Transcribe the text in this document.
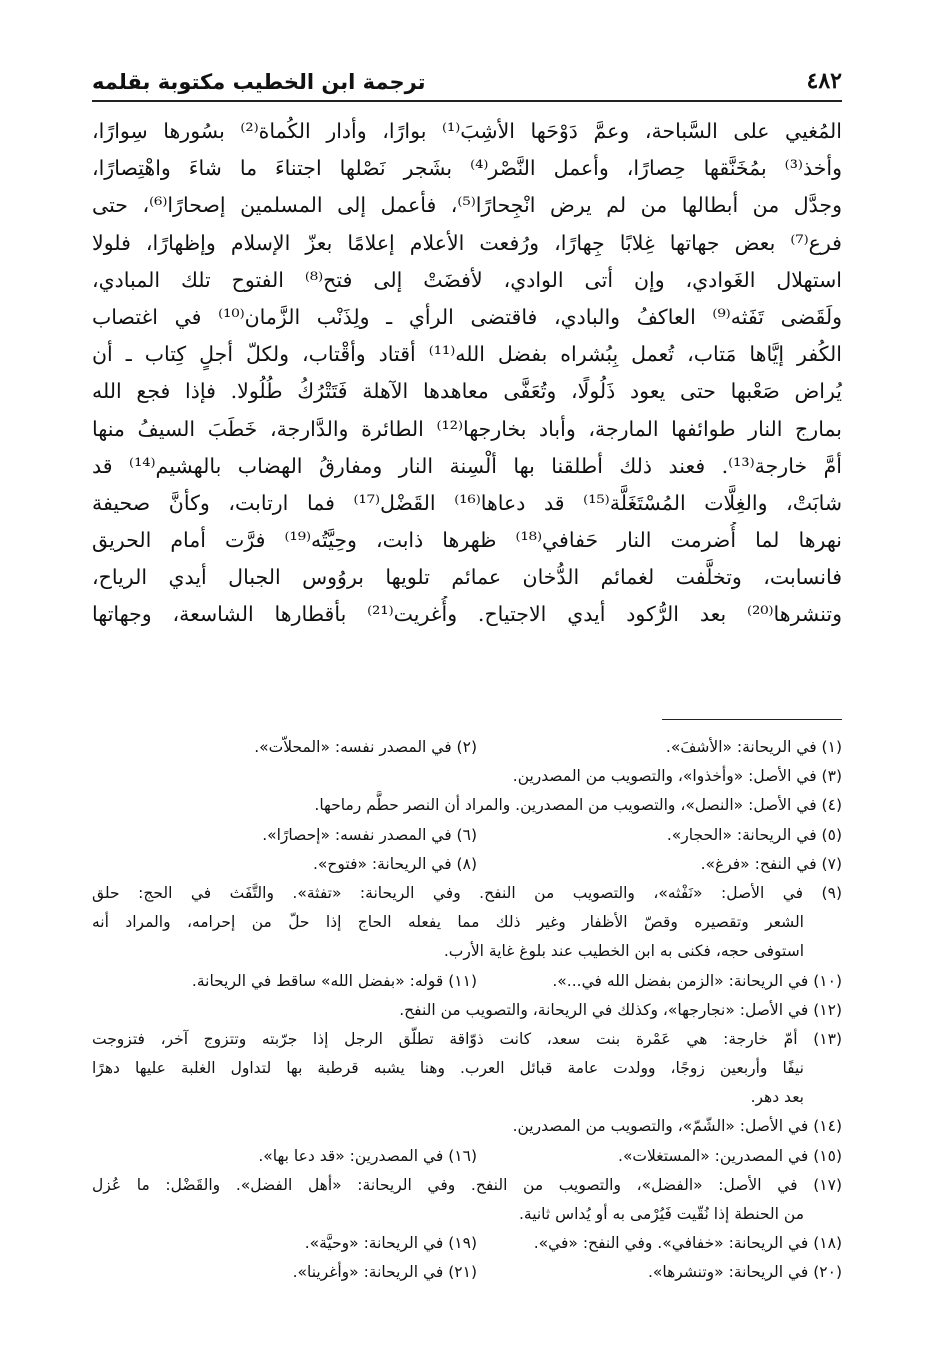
٤٨٢
ترجمة ابن الخطيب مكتوبة بقلمه
المُغيي على السَّباحة، وعمَّ دَوْحَها الأشِبَ⁽¹⁾ بوارًا، وأدار الكُماة⁽²⁾ بسُورها سِوارًا،
وأخذ⁽³⁾ بمُخَنَّقها حِصارًا، وأعمل النَّصْر⁽⁴⁾ بشَجر نَصْلها اجتناءَ ما شاءَ واهْتِصارًا،
وجدَّل من أبطالها من لم يرض انْجِحارًا⁽⁵⁾، فأعمل إلى المسلمين إصحارًا⁽⁶⁾، حتى
فرع⁽⁷⁾ بعض جهاتها غِلابًا جِهارًا، ورُفعت الأعلام إعلامًا بعزّ الإسلام وإظهارًا، فلولا
استهلال الغَوادي، وإن أتى الوادي، لأفضَتْ إلى فتح⁽⁸⁾ الفتوح تلك المبادي،
ولَقَضى تَفَثه⁽⁹⁾ العاكفُ والبادي، فاقتضى الرأي ـ ولِذَنْب الزَّمان⁽¹⁰⁾ في اغتصاب
الكُفر إيَّاها مَتاب، تُعمل بِبُشراه بفضل الله⁽¹¹⁾ أقتاد وأقْتاب، ولكلّ أجلٍ كِتاب ـ أن
يُراض صَعْبها حتى يعود ذَلُولًا، وتُعَفَّى معاهدها الآهلة فَتَتْرُكُ طُلُولا. فإذا فجع الله
بمارج النار طوائفها المارجة، وأباد بخارجها⁽¹²⁾ الطائرة والدَّارجة، خَطَبَ السيفُ منها
أمَّ خارجة⁽¹³⁾. فعند ذلك أطلقنا بها ألْسِنة النار ومفارقُ الهضاب بالهشيم⁽¹⁴⁾ قد
شابَتْ، والغِلَّات المُسْتَغَلَّة⁽¹⁵⁾ قد دعاها⁽¹⁶⁾ القَضْل⁽¹⁷⁾ فما ارتابت، وكأنَّ صحيفة
نهرها لما أُضرمت النار حَفافي⁽¹⁸⁾ ظهرها ذابت، وحِيَّتُه⁽¹⁹⁾ فرَّت أمام الحريق
فانسابت، وتخلَّفت لغمائم الدُّخان عمائم تلويها بروُوس الجبال أيدي الرياح،
وتنشرها⁽²⁰⁾ بعد الرُّكود أيدي الاجتياح. وأُغريت⁽²¹⁾ بأقطارها الشاسعة، وجهاتها
(١) في الريحانة: «الأشفَ».
(٢) في المصدر نفسه: «المحلاّت».
(٣) في الأصل: «وأخذوا»، والتصويب من المصدرين.
(٤) في الأصل: «النصل»، والتصويب من المصدرين. والمراد أن النصر حطَّم رماحها.
(٥) في الريحانة: «الحجار».
(٦) في المصدر نفسه: «إحصارًا».
(٧) في النفح: «فرغ».
(٨) في الريحانة: «فتوح».
(٩) في الأصل: «نَفْثه»، والتصويب من النفح. وفي الريحانة: «تفثة». والتَّفَث في الحج: حلق
الشعر وتقصيره وقصّ الأظفار وغير ذلك مما يفعله الحاج إذا حلّ من إحرامه، والمراد أنه
استوفى حجه، فكنى به ابن الخطيب عند بلوغ غاية الأرب.
(١٠) في الريحانة: «الزمن بفضل الله في...».
(١١) قوله: «بفضل الله» ساقط في الريحانة.
(١٢) في الأصل: «نجارجها»، وكذلك في الريحانة، والتصويب من النفح.
(١٣) أمّ خارجة: هي عَمْرة بنت سعد، كانت ذوّاقة تطلّق الرجل إذا جرّبته وتتزوج آخر، فتزوجت
نيفًا وأربعين زوجًا، وولدت عامة قبائل العرب. وهنا يشبه قرطبة بها لتداول الغلبة عليها دهرًا
بعد دهر.
(١٤) في الأصل: «الشّمّ»، والتصويب من المصدرين.
(١٥) في المصدرين: «المستغلات».
(١٦) في المصدرين: «قد دعا بها».
(١٧) في الأصل: «الفضل»، والتصويب من النفح. وفي الريحانة: «أهل الفضل». والقَضْل: ما عُزل
من الحنطة إذا نُقّيت فَيُرْمى به أو يُداس ثانية.
(١٨) في الريحانة: «خفافي». وفي النفح: «في».
(١٩) في الريحانة: «وحيَّة».
(٢٠) في الريحانة: «وتنشرها».
(٢١) في الريحانة: «وأغرينا».
